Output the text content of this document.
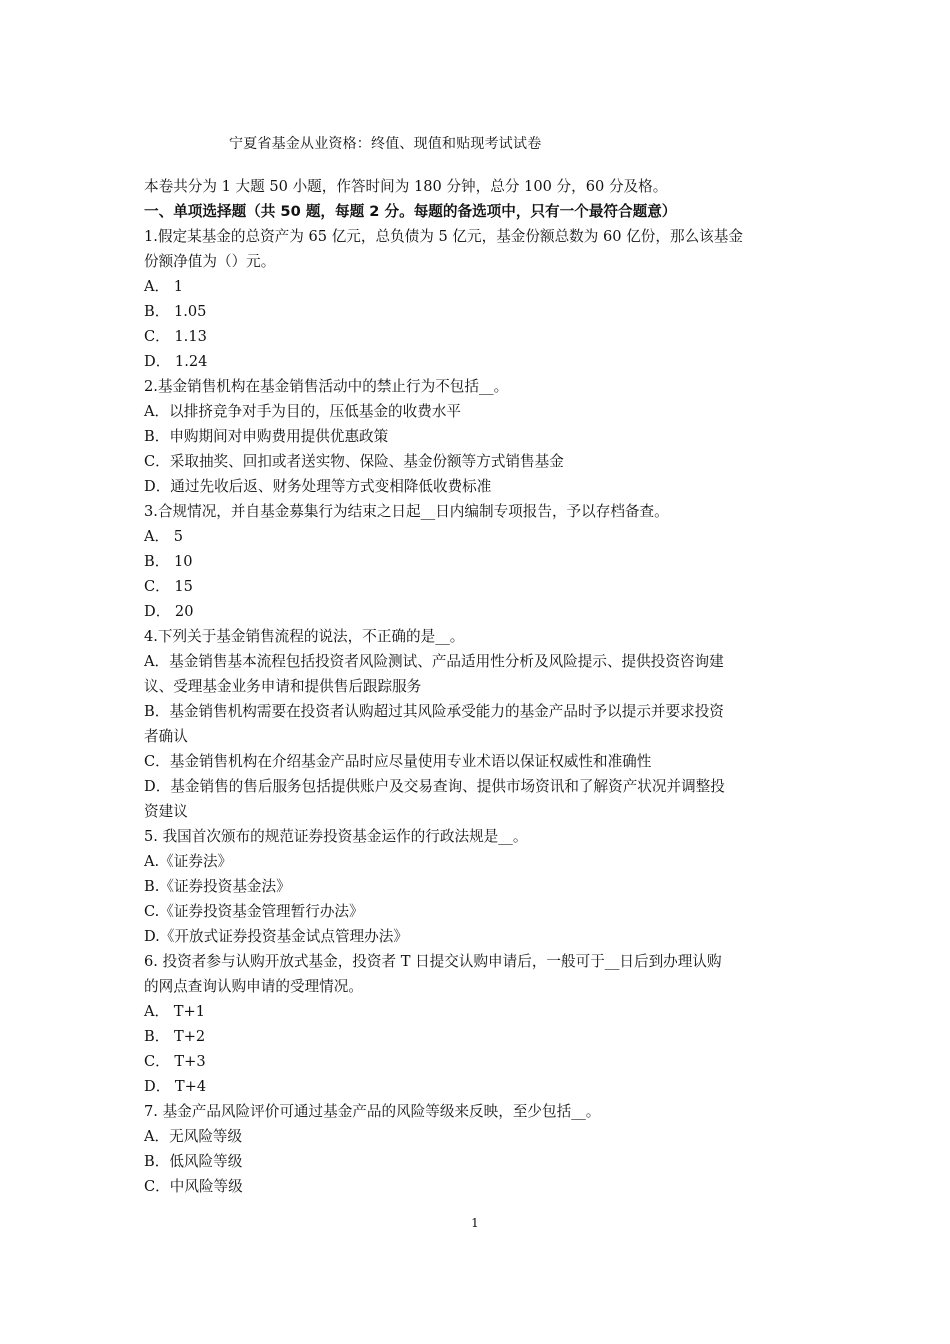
宁夏省基金从业资格：终值、现值和贴现考试试卷
本卷共分为 1 大题 50 小题，作答时间为 180 分钟，总分 100 分，60 分及格。
一、单项选择题（共 50 题，每题 2 分。每题的备选项中，只有一个最符合题意）
1.假定某基金的总资产为 65 亿元，总负债为 5 亿元，基金份额总数为 60 亿份，那么该基金
份额净值为（）元。
A． 1
B． 1.05
C． 1.13
D． 1.24
2.基金销售机构在基金销售活动中的禁止行为不包括__。
A．以排挤竞争对手为目的，压低基金的收费水平
B．申购期间对申购费用提供优惠政策
C．采取抽奖、回扣或者送实物、保险、基金份额等方式销售基金
D．通过先收后返、财务处理等方式变相降低收费标准
3.合规情况，并自基金募集行为结束之日起__日内编制专项报告，予以存档备查。
A． 5
B． 10
C． 15
D． 20
4.下列关于基金销售流程的说法，不正确的是__。
A．基金销售基本流程包括投资者风险测试、产品适用性分析及风险提示、提供投资咨询建
议、受理基金业务申请和提供售后跟踪服务
B．基金销售机构需要在投资者认购超过其风险承受能力的基金产品时予以提示并要求投资
者确认
C．基金销售机构在介绍基金产品时应尽量使用专业术语以保证权威性和准确性
D．基金销售的售后服务包括提供账户及交易查询、提供市场资讯和了解资产状况并调整投
资建议
5. 我国首次颁布的规范证券投资基金运作的行政法规是__。
A.《证券法》
B.《证券投资基金法》
C.《证券投资基金管理暂行办法》
D.《开放式证券投资基金试点管理办法》
6. 投资者参与认购开放式基金，投资者 T 日提交认购申请后，一般可于__日后到办理认购
的网点查询认购申请的受理情况。
A． T+1
B． T+2
C． T+3
D． T+4
7. 基金产品风险评价可通过基金产品的风险等级来反映，至少包括__。
A．无风险等级
B．低风险等级
C．中风险等级
1
